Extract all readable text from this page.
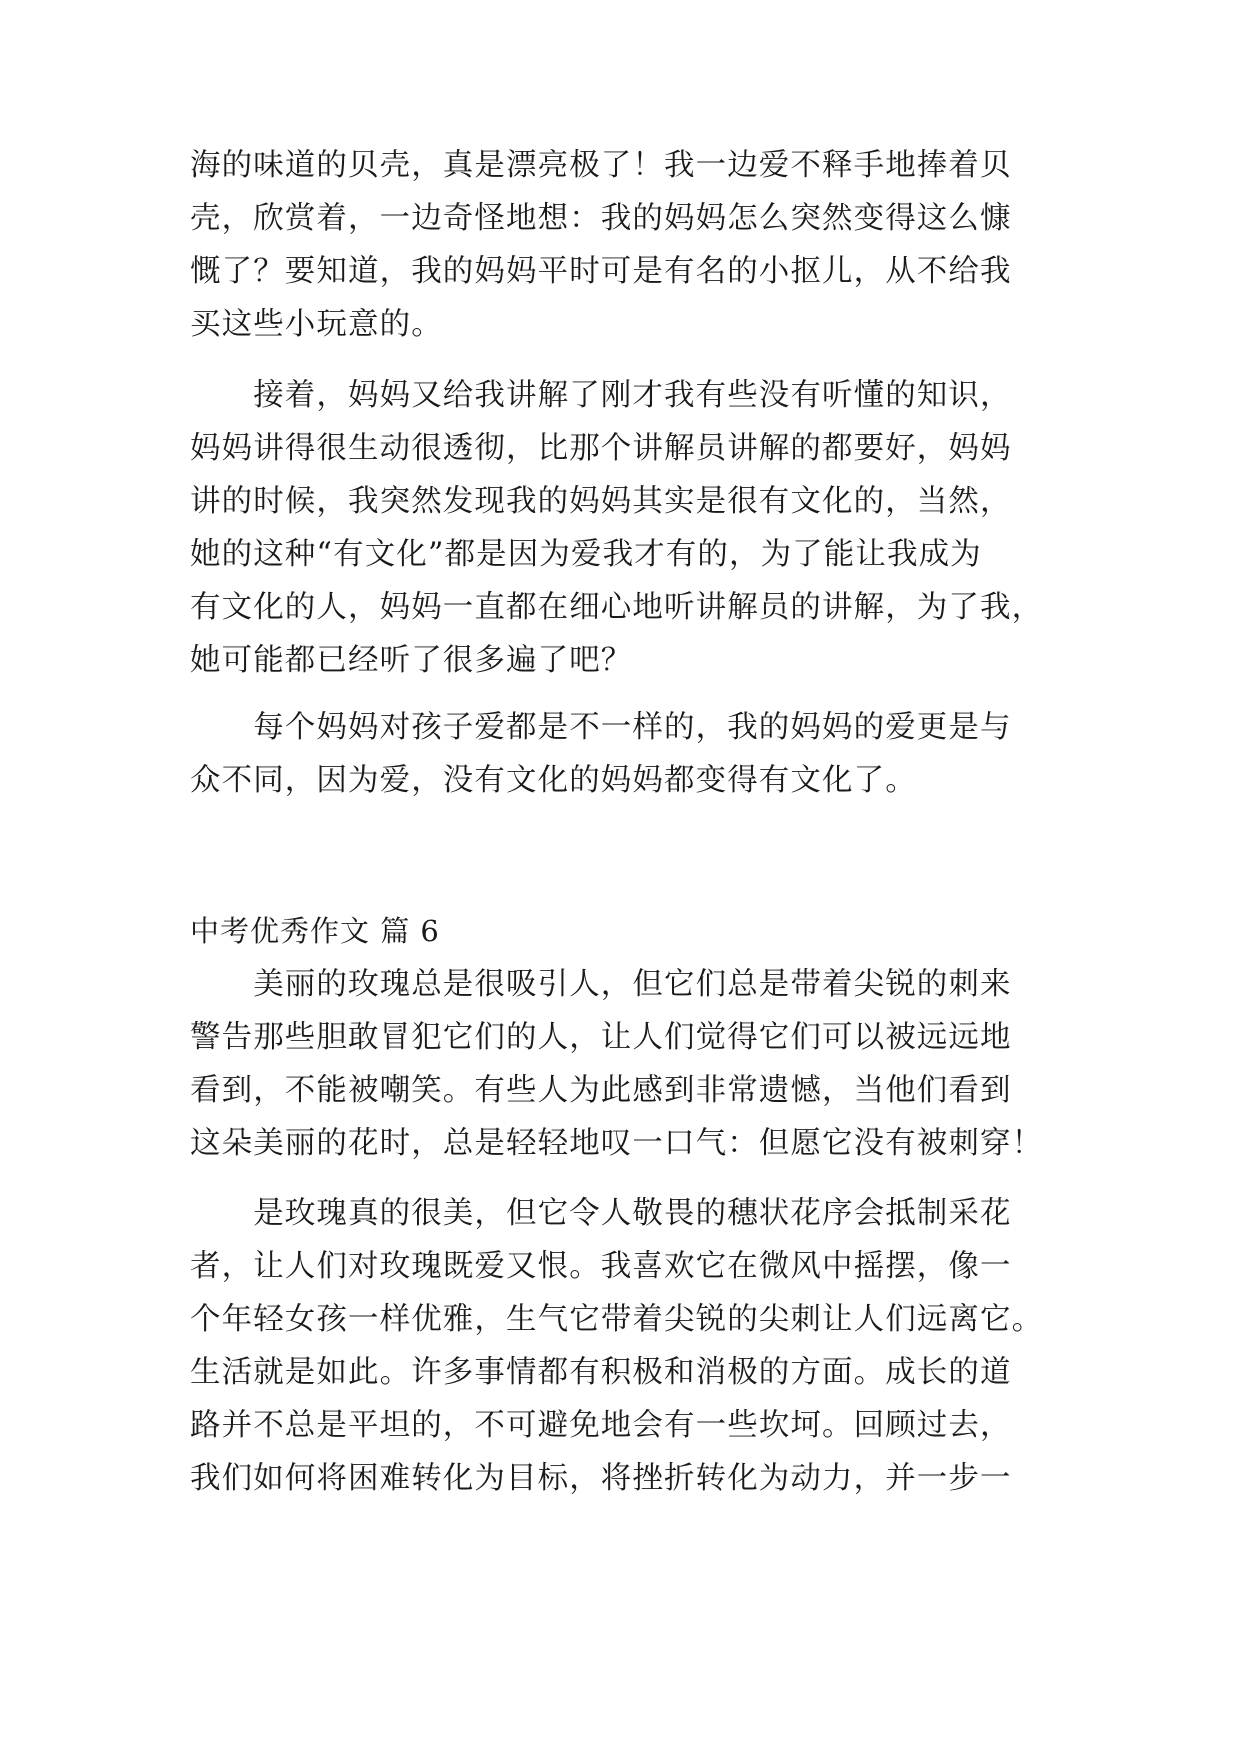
海的味道的贝壳，真是漂亮极了！我一边爱不释手地捧着贝
壳，欣赏着，一边奇怪地想：我的妈妈怎么突然变得这么慷
慨了？要知道，我的妈妈平时可是有名的小抠儿，从不给我
买这些小玩意的。
　　接着，妈妈又给我讲解了刚才我有些没有听懂的知识，
妈妈讲得很生动很透彻，比那个讲解员讲解的都要好，妈妈
讲的时候，我突然发现我的妈妈其实是很有文化的，当然，
她的这种“有文化”都是因为爱我才有的，为了能让我成为
有文化的人，妈妈一直都在细心地听讲解员的讲解，为了我，
她可能都已经听了很多遍了吧？
　　每个妈妈对孩子爱都是不一样的，我的妈妈的爱更是与
众不同，因为爱，没有文化的妈妈都变得有文化了。
中考优秀作文 篇 6
　　美丽的玫瑰总是很吸引人，但它们总是带着尖锐的刺来
警告那些胆敢冒犯它们的人，让人们觉得它们可以被远远地
看到，不能被嘲笑。有些人为此感到非常遗憾，当他们看到
这朵美丽的花时，总是轻轻地叹一口气：但愿它没有被刺穿！
　　是玫瑰真的很美，但它令人敬畏的穗状花序会抵制采花
者，让人们对玫瑰既爱又恨。我喜欢它在微风中摇摆，像一
个年轻女孩一样优雅，生气它带着尖锐的尖刺让人们远离它。
生活就是如此。许多事情都有积极和消极的方面。成长的道
路并不总是平坦的，不可避免地会有一些坎坷。回顾过去，
我们如何将困难转化为目标，将挫折转化为动力，并一步一
